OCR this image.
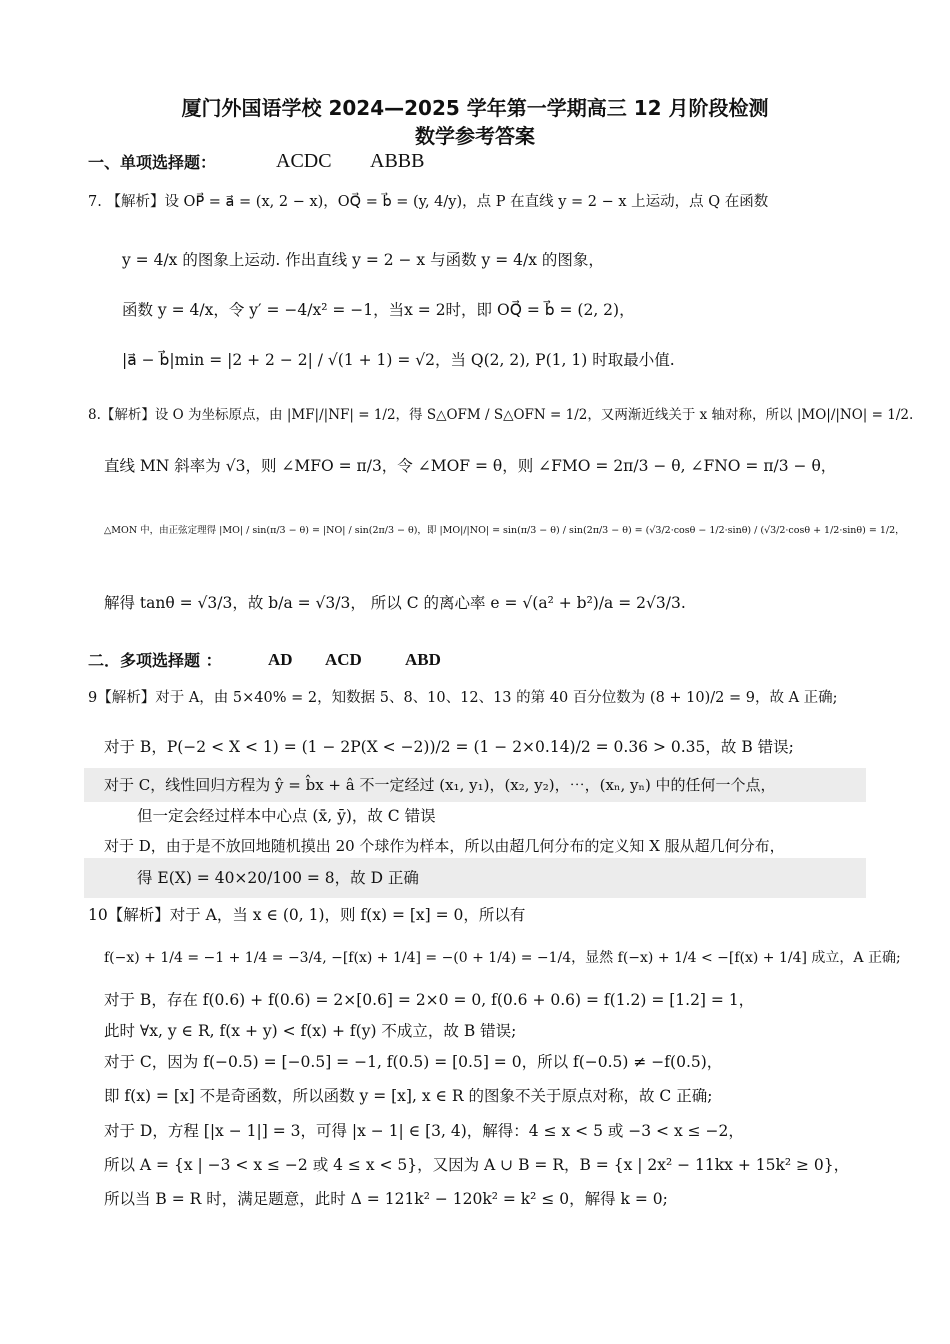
厦门外国语学校 2024—2025 学年第一学期高三 12 月阶段检测
数学参考答案
一、单项选择题：	ACDC ABBB
7. 【解析】设 OP⃗ = a⃗ = (x, 2 − x)，OQ⃗ = b⃗ = (y, 4/y)，点 P 在直线 y = 2 − x 上运动，点 Q 在函数
y = 4/x 的图象上运动. 作出直线 y = 2 − x 与函数 y = 4/x 的图象，
函数 y = 4/x，令 y′ = −4/x² = −1，当x = 2时，即 OQ⃗ = b⃗ = (2, 2)，
|a⃗ − b⃗|min = |2 + 2 − 2| / √(1 + 1) = √2，当 Q(2, 2), P(1, 1) 时取最小值.
8.【解析】设 O 为坐标原点，由 |MF|/|NF| = 1/2，得 S△OFM / S△OFN = 1/2，又两渐近线关于 x 轴对称，所以 |MO|/|NO| = 1/2.
直线 MN 斜率为 √3，则 ∠MFO = π/3，令 ∠MOF = θ，则 ∠FMO = 2π/3 − θ, ∠FNO = π/3 − θ，
△MON 中，由正弦定理得 |MO| / sin(π/3 − θ) = |NO| / sin(2π/3 − θ)，即 |MO|/|NO| = sin(π/3 − θ) / sin(2π/3 − θ) = (√3/2·cosθ − 1/2·sinθ) / (√3/2·cosθ + 1/2·sinθ) = 1/2，
解得 tanθ = √3/3，故 b/a = √3/3， 所以 C 的离心率 e = √(a² + b²)/a = 2√3/3.
二．多项选择题 ：	AD ACD	ABD
9【解析】对于 A，由 5×40% = 2，知数据 5、8、10、12、13 的第 40 百分位数为 (8 + 10)/2 = 9，故 A 正确;
对于 B，P(−2 < X < 1) = (1 − 2P(X < −2))/2 = (1 − 2×0.14)/2 = 0.36 > 0.35，故 B 错误;
对于 C，线性回归方程为 ŷ = b̂x + â 不一定经过 (x₁, y₁)，(x₂, y₂)，⋯，(xₙ, yₙ) 中的任何一个点，
但一定会经过样本中心点 (x̄, ȳ)，故 C 错误
对于 D，由于是不放回地随机摸出 20 个球作为样本，所以由超几何分布的定义知 X 服从超几何分布，
得 E(X) = 40×20/100 = 8，故 D 正确
10【解析】对于 A，当 x ∈ (0, 1)，则 f(x) = [x] = 0，所以有
f(−x) + 1/4 = −1 + 1/4 = −3/4, −[f(x) + 1/4] = −(0 + 1/4) = −1/4，显然 f(−x) + 1/4 < −[f(x) + 1/4] 成立，A 正确;
对于 B，存在 f(0.6) + f(0.6) = 2×[0.6] = 2×0 = 0, f(0.6 + 0.6) = f(1.2) = [1.2] = 1，
此时 ∀x, y ∈ R, f(x + y) < f(x) + f(y) 不成立，故 B 错误;
对于 C，因为 f(−0.5) = [−0.5] = −1, f(0.5) = [0.5] = 0，所以 f(−0.5) ≠ −f(0.5)，
即 f(x) = [x] 不是奇函数，所以函数 y = [x], x ∈ R 的图象不关于原点对称，故 C 正确;
对于 D，方程 [|x − 1|] = 3，可得 |x − 1| ∈ [3, 4)，解得：4 ≤ x < 5 或 −3 < x ≤ −2，
所以 A = {x | −3 < x ≤ −2 或 4 ≤ x < 5}，又因为 A ∪ B = R，B = {x | 2x² − 11kx + 15k² ≥ 0}，
所以当 B = R 时，满足题意，此时 Δ = 121k² − 120k² = k² ≤ 0，解得 k = 0;
